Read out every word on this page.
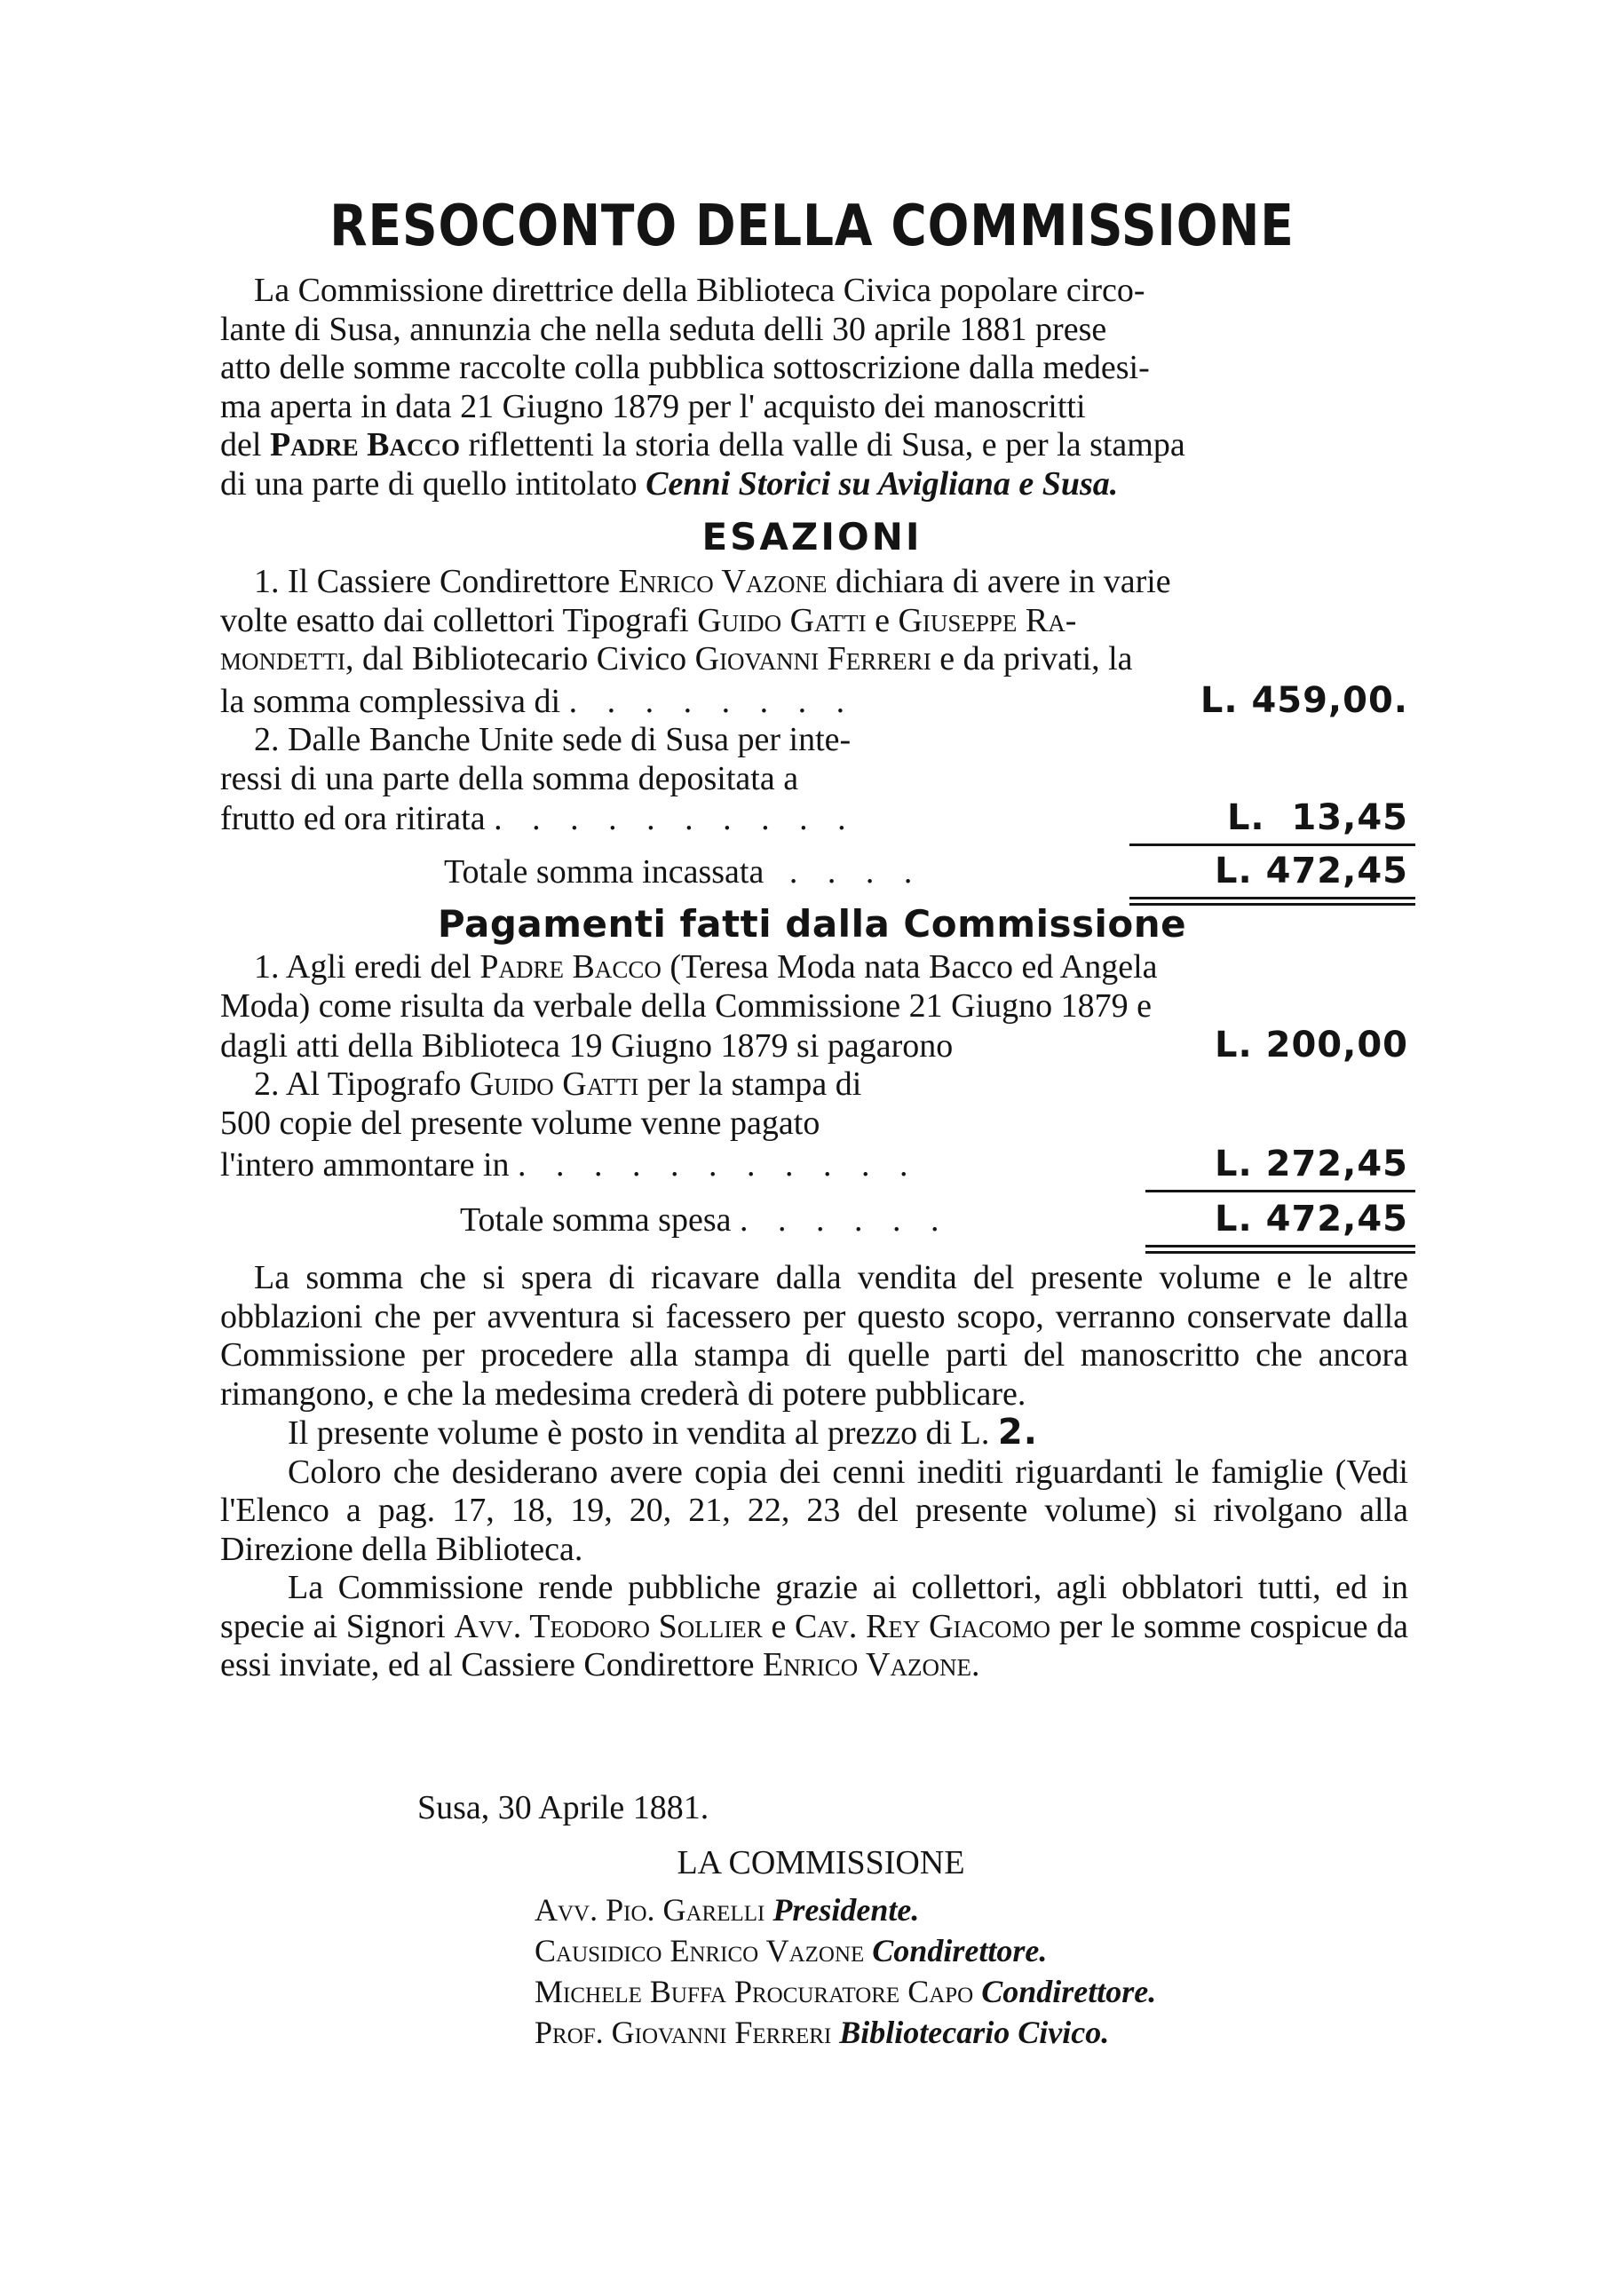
RESOCONTO DELLA COMMISSIONE

La Commissione direttrice della Biblioteca Civica popolare circo-

lante di Susa, annunzia che nella seduta delli 30 aprile 1881 prese

atto delle somme raccolte colla pubblica sottoscrizione dalla medesi-

ma aperta in data 21 Giugno 1879 per l' acquisto dei manoscritti

del Padre Bacco riflettenti la storia della valle di Susa, e per la stampa

di una parte di quello intitolato Cenni Storici su Avigliana e Susa.

ESAZIONI

1. Il Cassiere Condirettore Enrico Vazone dichiara di avere in varie

volte esatto dai collettori Tipografi Guido Gatti e Giuseppe Ra-

mondetti, dal Bibliotecario Civico Giovanni Ferreri e da privati, la

la somma complessiva di . . . . . . . .	L. 459,00.

2. Dalle Banche Unite sede di Susa per inte-

ressi di una parte della somma depositata a

frutto ed ora ritirata . . . . . . . . . .	L.  13,45
Totale somma incassata . . . .	L. 472,45
Pagamenti fatti dalla Commissione

1. Agli eredi del Padre Bacco (Teresa Moda nata Bacco ed Angela

Moda) come risulta da verbale della Commissione 21 Giugno 1879 e

dagli atti della Biblioteca 19 Giugno 1879 si pagarono	L. 200,00

2. Al Tipografo Guido Gatti per la stampa di

500 copie del presente volume venne pagato

l'intero ammontare in . . . . . . . . . . .	L. 272,45
Totale somma spesa . . . . . .	L. 472,45

La somma che si spera di ricavare dalla vendita del presente volume e le altre obblazioni che per avventura si facessero per questo scopo, verranno conservate dalla Commissione per procedere alla stampa di quelle parti del manoscritto che ancora rimangono, e che la medesima crederà di potere pubblicare.

Il presente volume è posto in vendita al prezzo di L. 2.

Coloro che desiderano avere copia dei cenni inediti riguardanti le famiglie (Vedi l'Elenco a pag. 17, 18, 19, 20, 21, 22, 23 del presente volume) si rivolgano alla Direzione della Biblioteca.

La Commissione rende pubbliche grazie ai collettori, agli obblatori tutti, ed in specie ai Signori Avv. Teodoro Sollier e Cav. Rey Giacomo per le somme cospicue da essi inviate, ed al Cassiere Condirettore Enrico Vazone.

Susa, 30 Aprile 1881.
LA COMMISSIONE
Avv. Pio. Garelli Presidente.
Causidico Enrico Vazone Condirettore.
Michele Buffa Procuratore Capo Condirettore.
Prof. Giovanni Ferreri Bibliotecario Civico.
